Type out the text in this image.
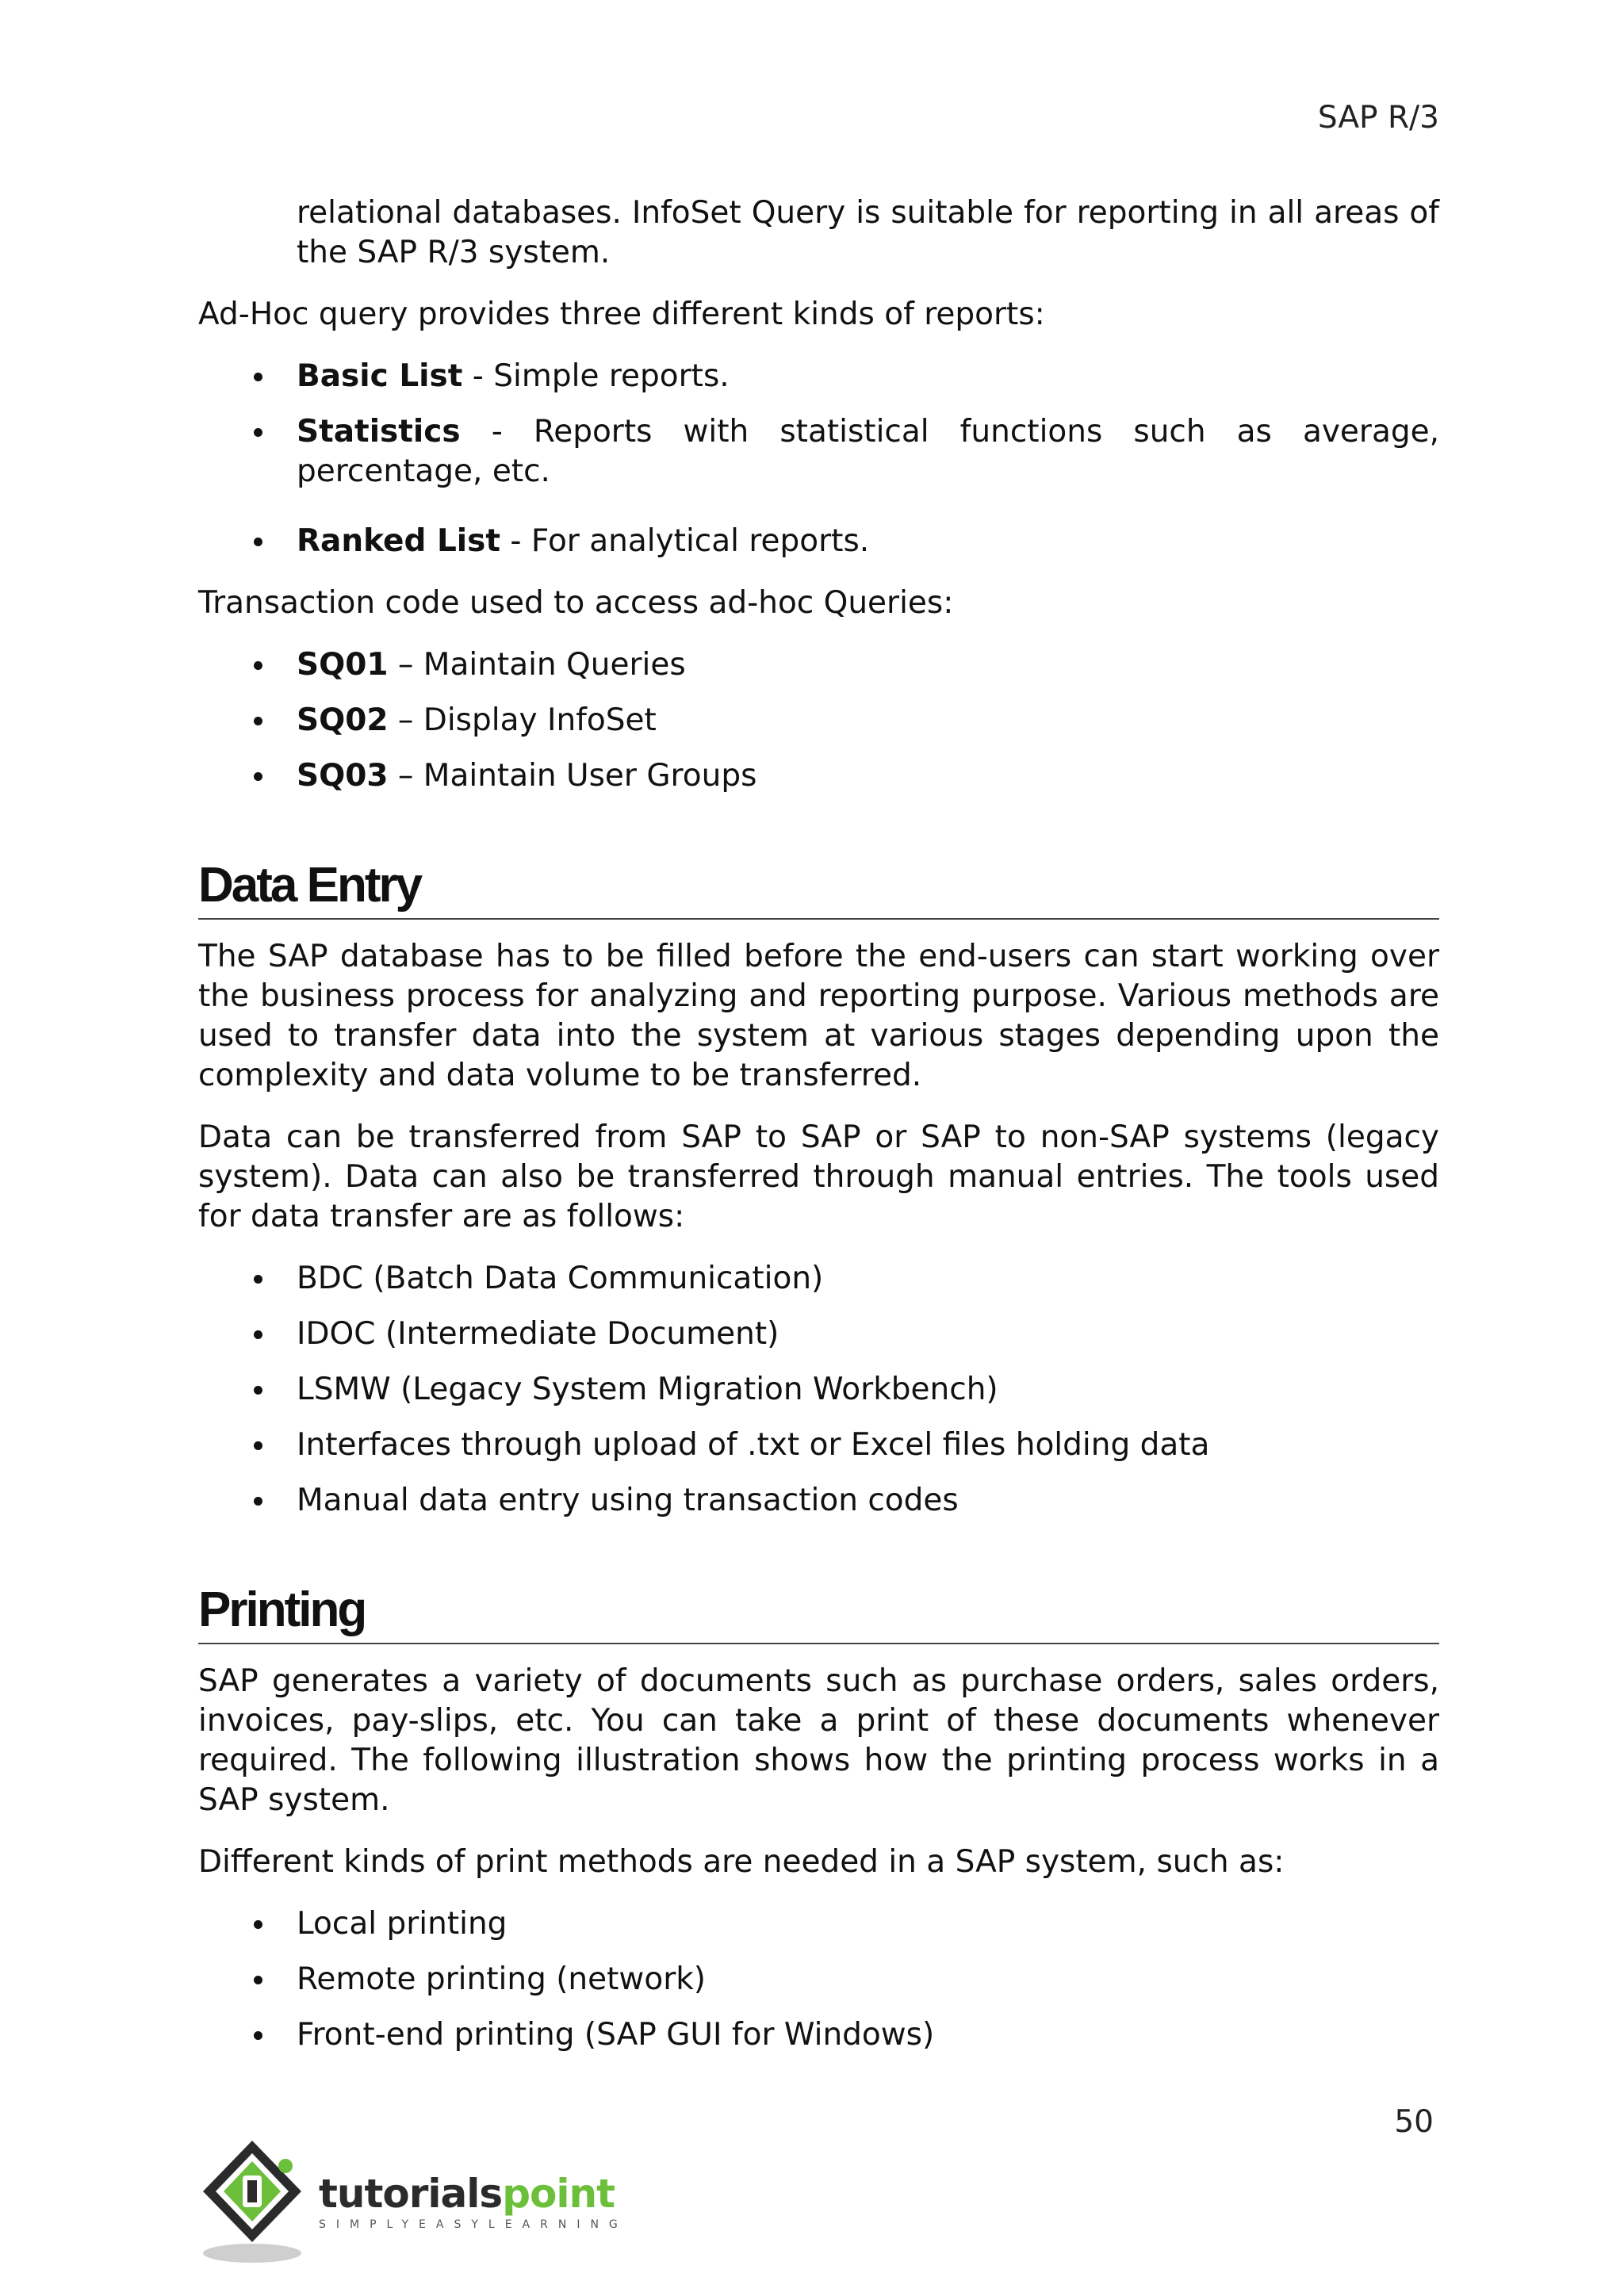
SAP R/3

relational databases. InfoSet Query is suitable for reporting in all areas of the SAP R/3 system.

Ad-Hoc query provides three different kinds of reports:

Basic List - Simple reports.
Statistics - Reports with statistical functions such as average, percentage, etc.
Ranked List - For analytical reports.

Transaction code used to access ad-hoc Queries:

SQ01 – Maintain Queries
SQ02 – Display InfoSet
SQ03 – Maintain User Groups
Data Entry

The SAP database has to be filled before the end-users can start working over the business process for analyzing and reporting purpose. Various methods are used to transfer data into the system at various stages depending upon the complexity and data volume to be transferred.

Data can be transferred from SAP to SAP or SAP to non-SAP systems (legacy system). Data can also be transferred through manual entries. The tools used for data transfer are as follows:

BDC (Batch Data Communication)
IDOC (Intermediate Document)
LSMW (Legacy System Migration Workbench)
Interfaces through upload of .txt or Excel files holding data
Manual data entry using transaction codes
Printing

SAP generates a variety of documents such as purchase orders, sales orders, invoices, pay-slips, etc. You can take a print of these documents whenever required. The following illustration shows how the printing process works in a SAP system.

Different kinds of print methods are needed in a SAP system, such as:

Local printing
Remote printing (network)
Front-end printing (SAP GUI for Windows)
50
tutorialspoint
SIMPLYEASYLEARNING
